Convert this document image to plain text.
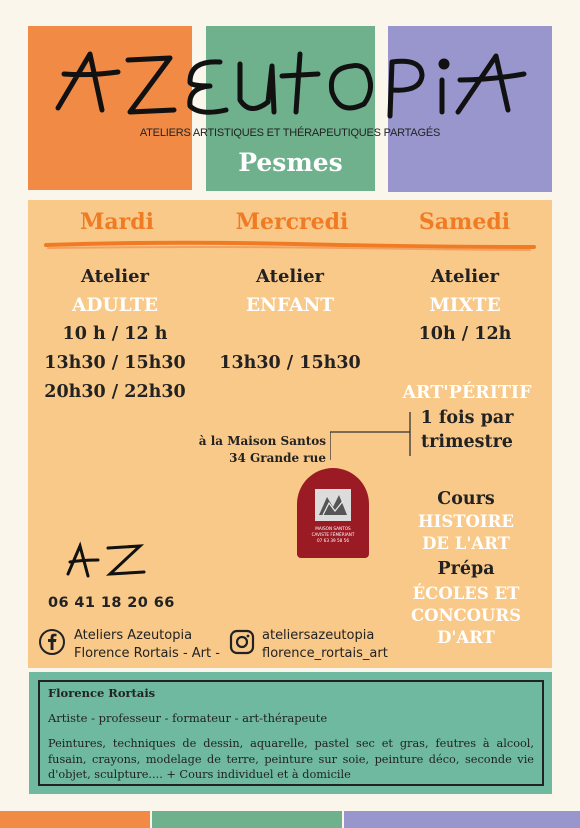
ATELIERS ARTISTIQUES ET THÉRAPEUTIQUES PARTAGÉS
Pesmes
Mardi	Mercredi	Samedi
Atelier
ADULTE
10 h / 12 h
13h30 / 15h30
20h30 / 22h30
Atelier
ENFANT
13h30 / 15h30
Atelier
MIXTE
10h / 12h
ART'PÉRITIF
1 fois par
trimestre
à la Maison Santos
34 Grande rue
MAISON SANTOS
CAVISTE FÉMÉRIANT
07 63 39 58 56
Cours
HISTOIRE
DE L'ART
Prépa
ÉCOLES ET
CONCOURS
D'ART
06 41 18 20 66
Ateliers Azeutopia
Florence Rortais - Art -
ateliersazeutopia
florence_rortais_art
Florence Rortais
Artiste - professeur - formateur - art-thérapeute
Peintures, techniques de dessin, aquarelle, pastel sec et gras, feutres à alcool, fusain, crayons, modelage de terre, peinture sur soie, peinture déco, seconde vie d'objet, sculpture.... + Cours individuel et à domicile
